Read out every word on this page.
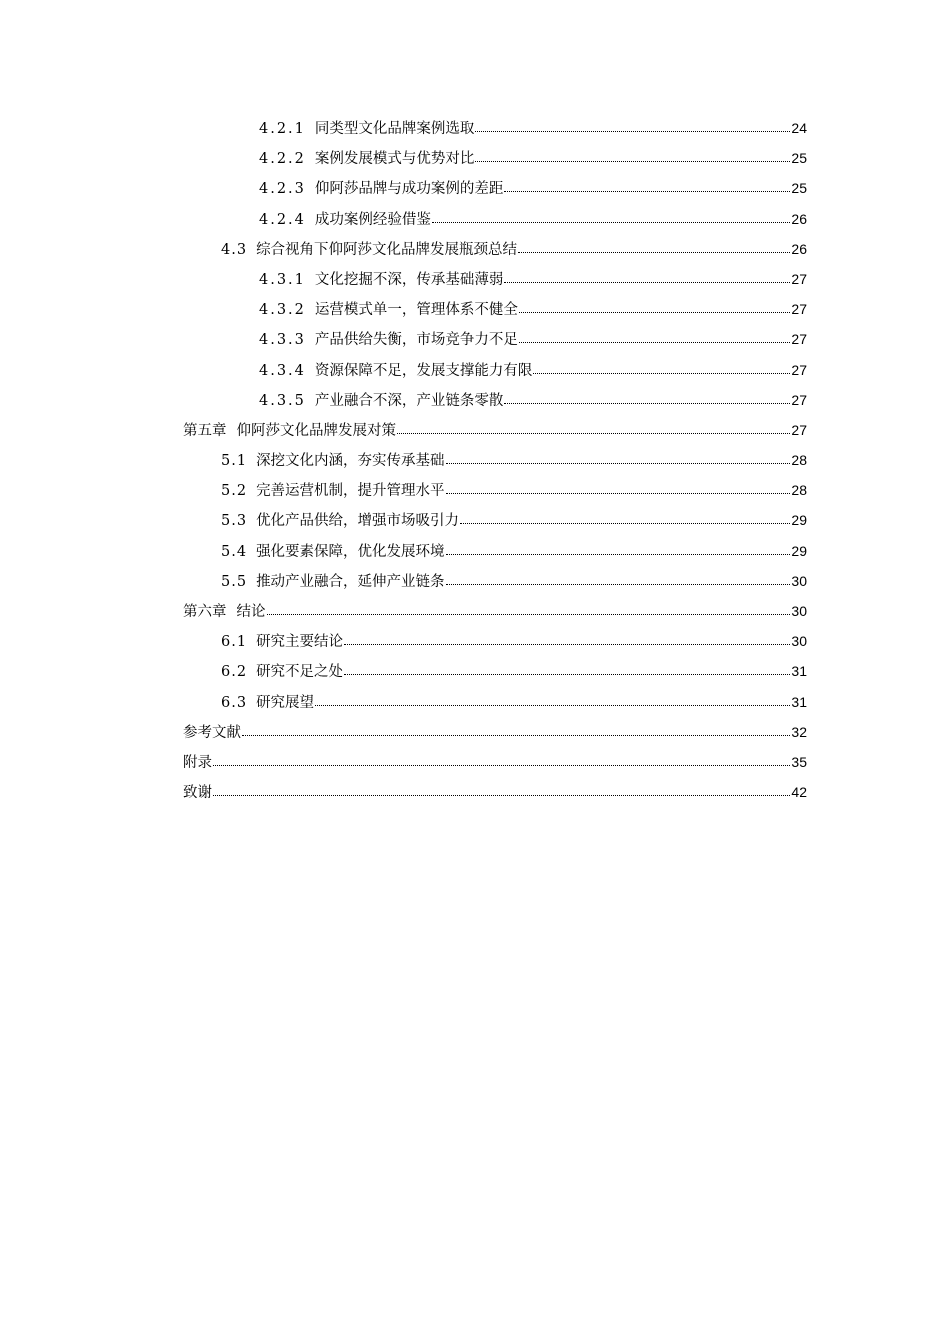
4.2.1 同类型文化品牌案例选取	24
4.2.2 案例发展模式与优势对比	25
4.2.3 仰阿莎品牌与成功案例的差距	25
4.2.4 成功案例经验借鉴	26
4.3 综合视角下仰阿莎文化品牌发展瓶颈总结	26
4.3.1 文化挖掘不深，传承基础薄弱	27
4.3.2 运营模式单一，管理体系不健全	27
4.3.3 产品供给失衡，市场竞争力不足	27
4.3.4 资源保障不足，发展支撑能力有限	27
4.3.5 产业融合不深，产业链条零散	27
第五章 仰阿莎文化品牌发展对策	27
5.1 深挖文化内涵，夯实传承基础	28
5.2 完善运营机制，提升管理水平	28
5.3 优化产品供给，增强市场吸引力	29
5.4 强化要素保障，优化发展环境	29
5.5 推动产业融合，延伸产业链条	30
第六章 结论	30
6.1 研究主要结论	30
6.2 研究不足之处	31
6.3 研究展望	31
参考文献	32
附录	35
致谢	42
